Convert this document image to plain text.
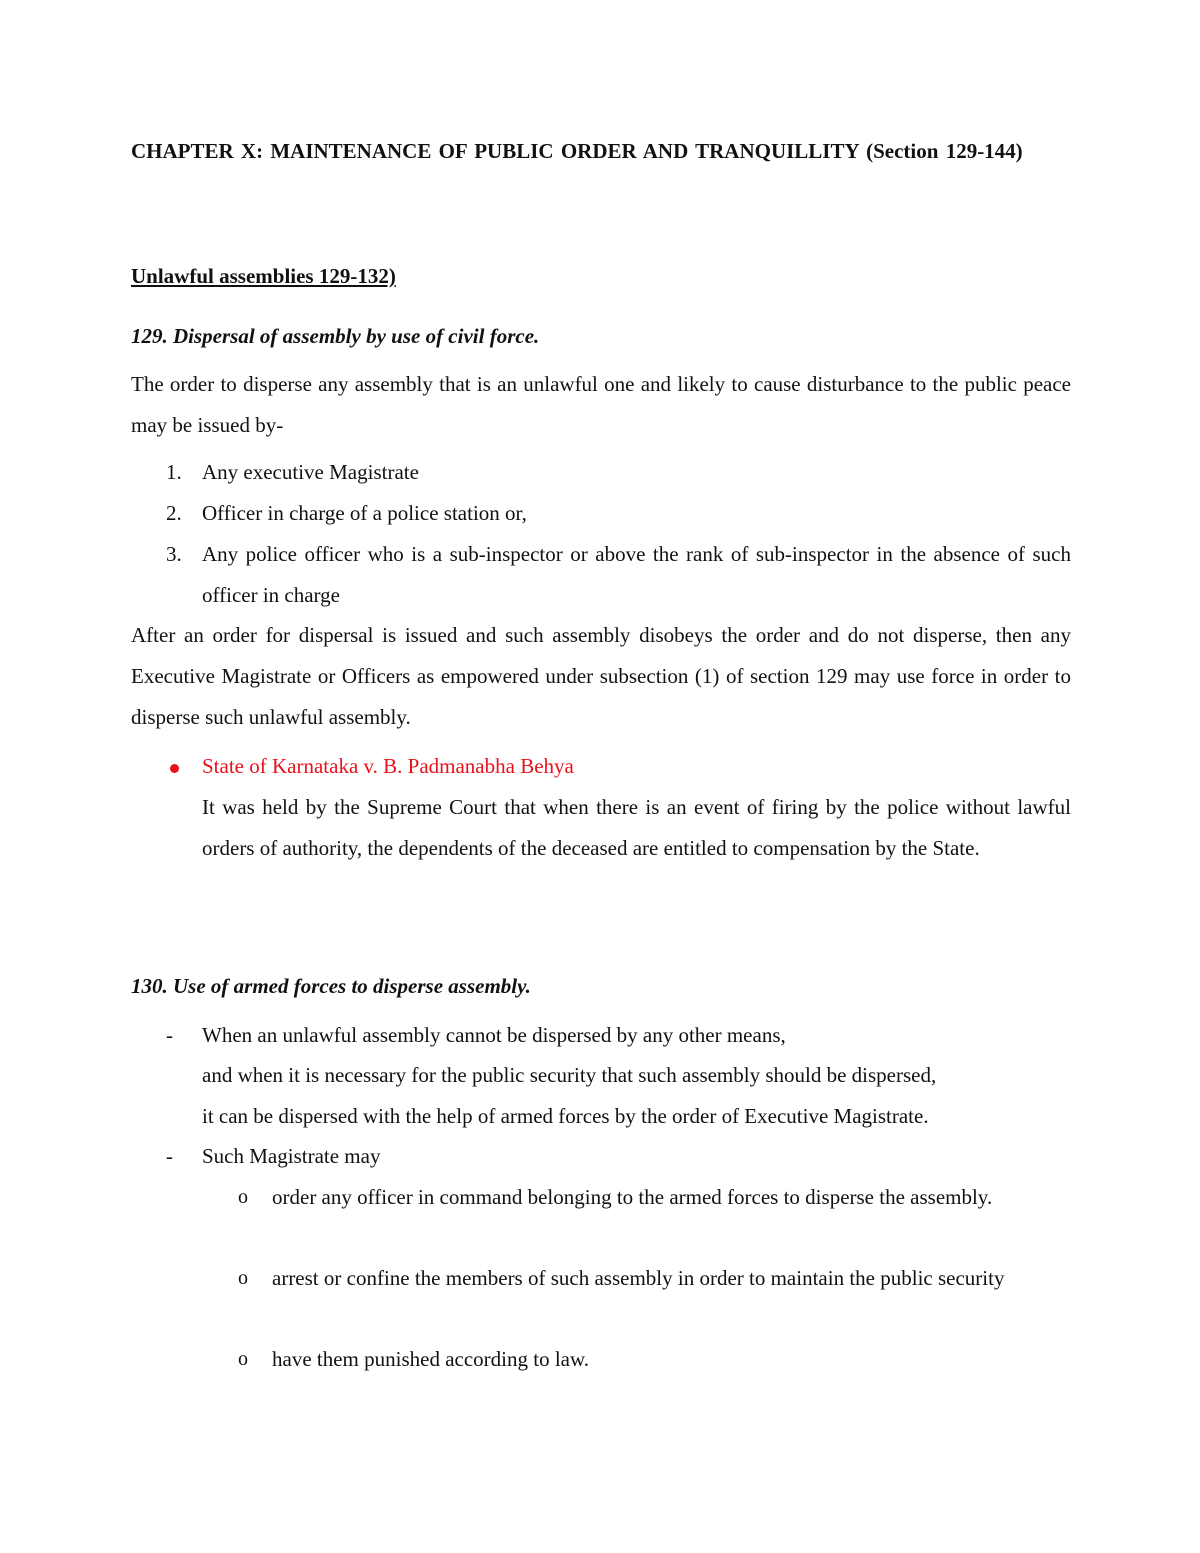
CHAPTER X: MAINTENANCE OF PUBLIC ORDER AND TRANQUILLITY (Section 129-144)
Unlawful assemblies 129-132)
129. Dispersal of assembly by use of civil force.
The order to disperse any assembly that is an unlawful one and likely to cause disturbance to the public peace may be issued by-
1. Any executive Magistrate
2. Officer in charge of a police station or,
3. Any police officer who is a sub-inspector or above the rank of sub-inspector in the absence of such officer in charge
After an order for dispersal is issued and such assembly disobeys the order and do not disperse, then any Executive Magistrate or Officers as empowered under subsection (1) of section 129 may use force in order to disperse such unlawful assembly.
State of Karnataka v. B. Padmanabha Behya
It was held by the Supreme Court that when there is an event of firing by the police without lawful orders of authority, the dependents of the deceased are entitled to compensation by the State.
130. Use of armed forces to disperse assembly.
- When an unlawful assembly cannot be dispersed by any other means,
and when it is necessary for the public security that such assembly should be dispersed,
it can be dispersed with the help of armed forces by the order of Executive Magistrate.
- Such Magistrate may
o order any officer in command belonging to the armed forces to disperse the assembly.
o arrest or confine the members of such assembly in order to maintain the public security
o have them punished according to law.
